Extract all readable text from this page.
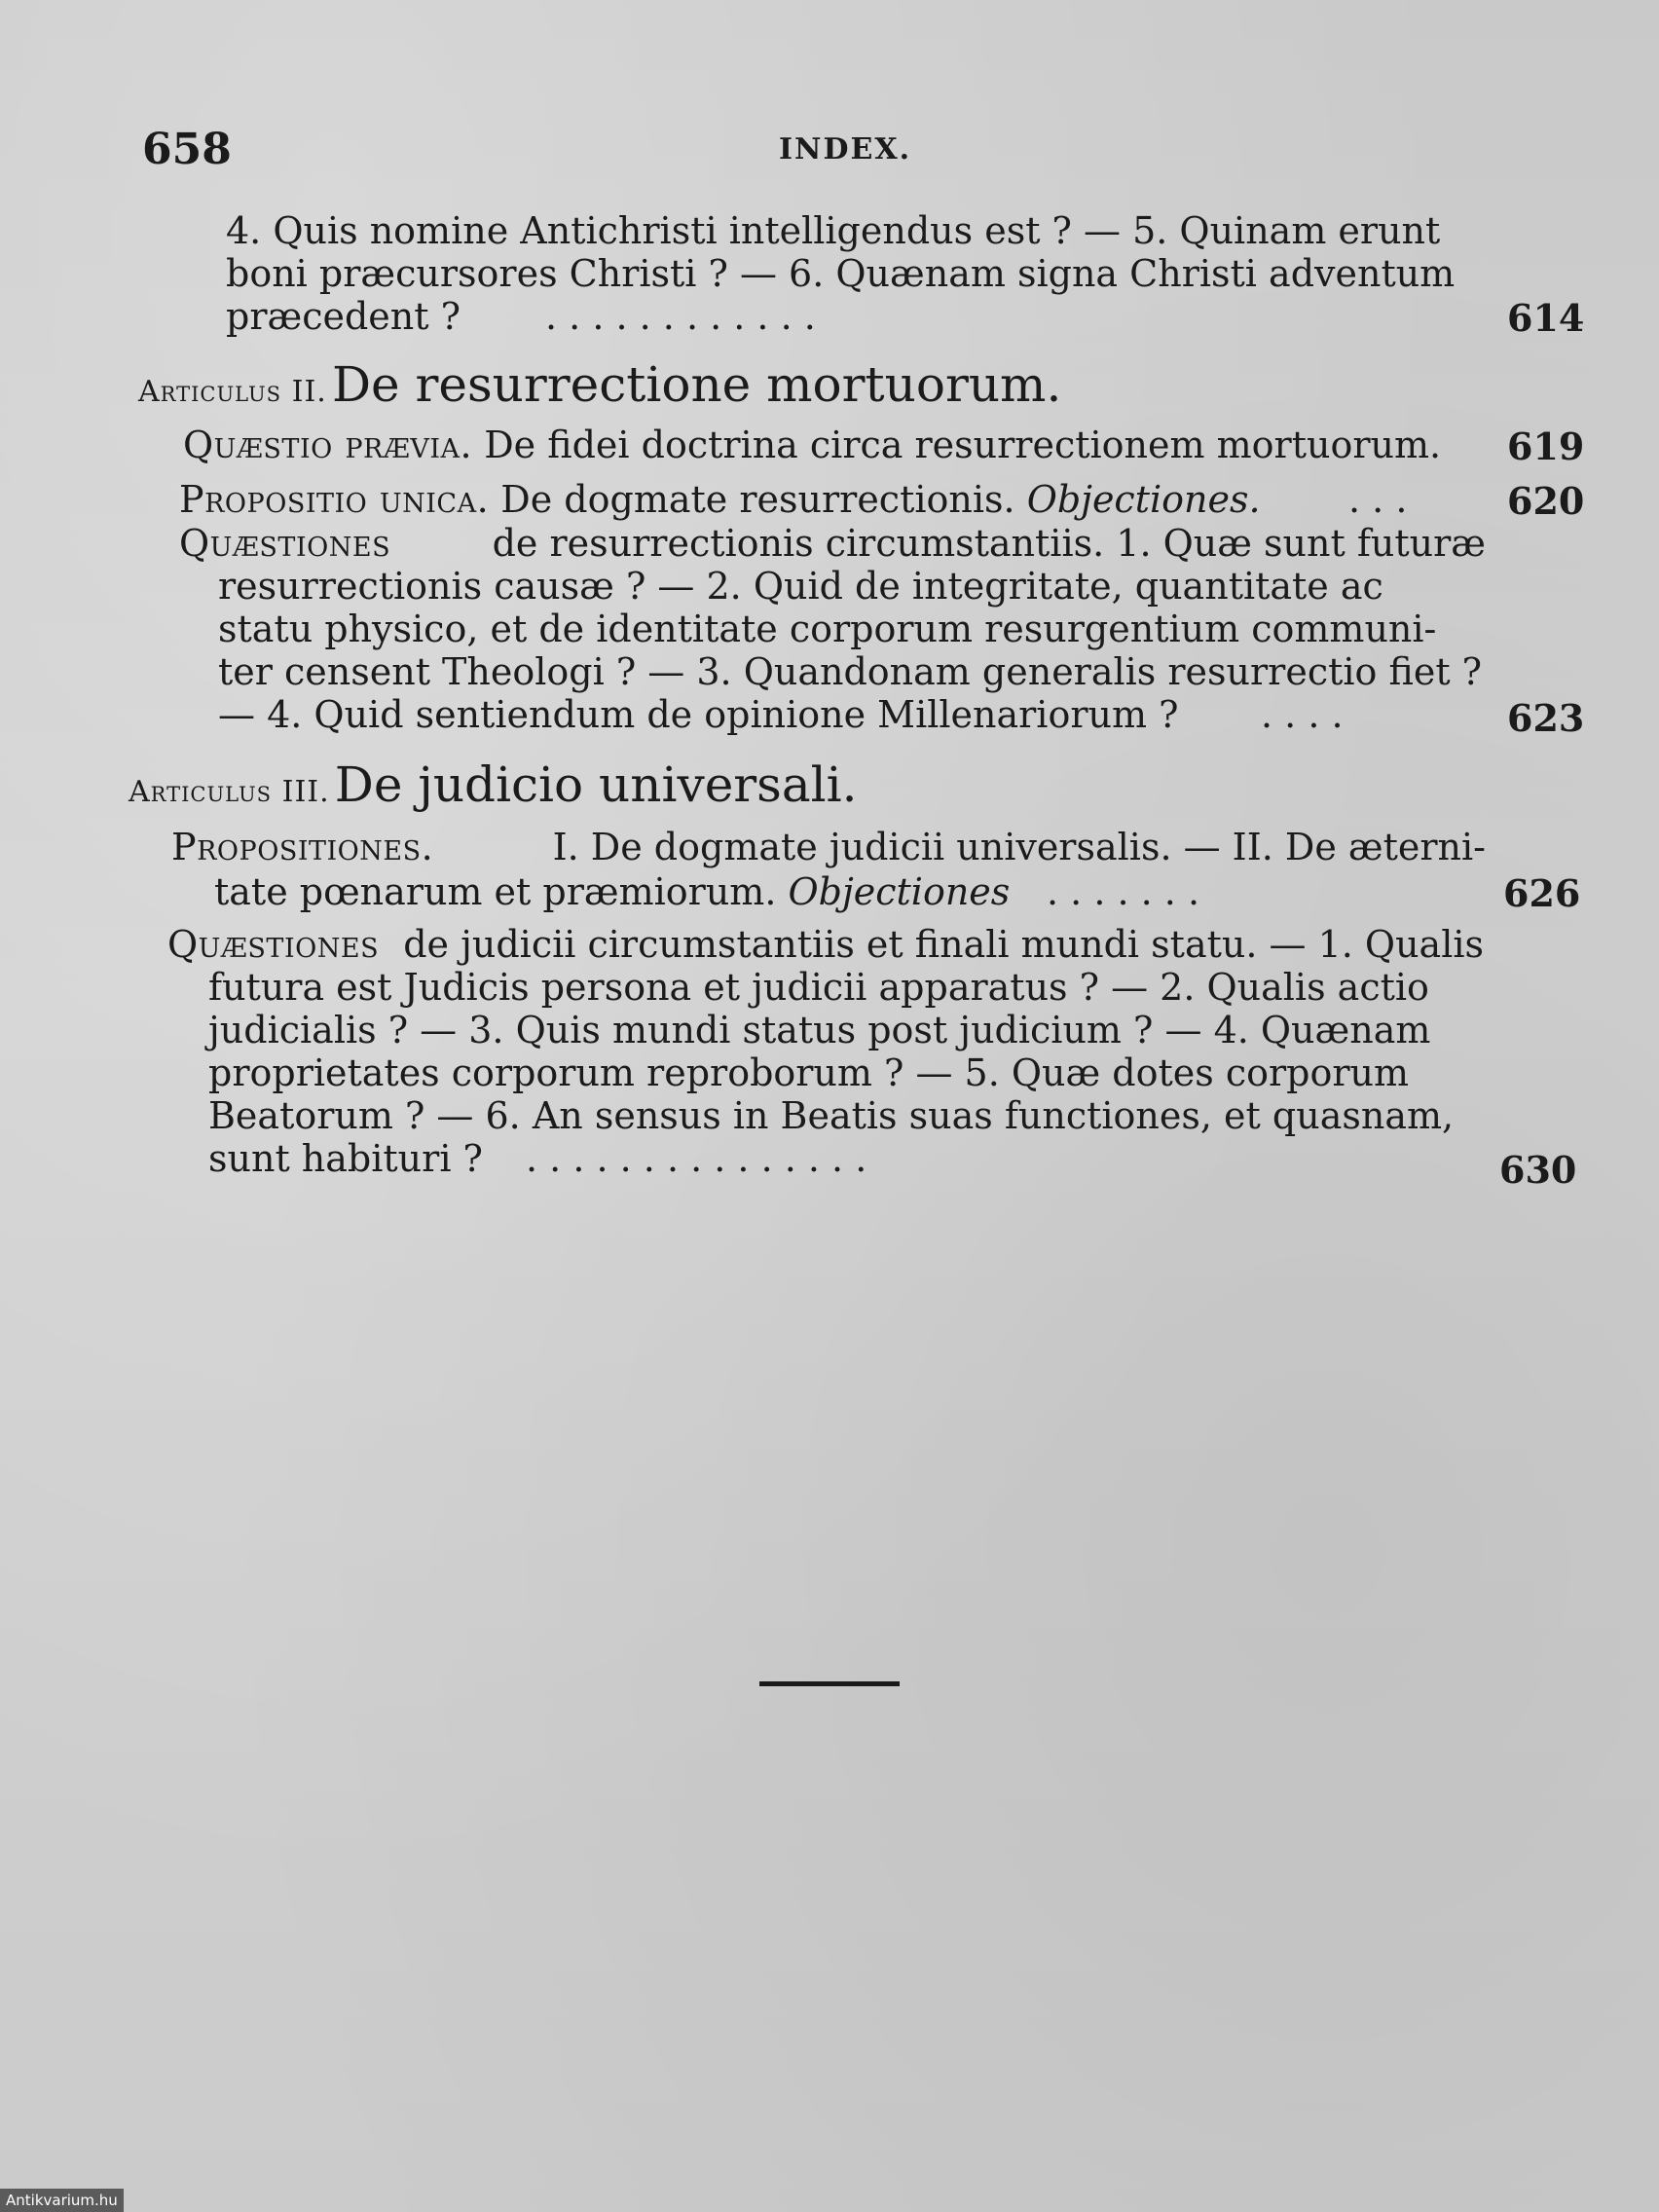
658	INDEX.
4. Quis nomine Antichristi intelligendus est ? — 5. Quinam erunt
boni præcursores Christi ? — 6. Quænam signa Christi adventum
præcedent ? . . . . . . . . . . . .	614
Articulus II. De resurrectione mortuorum.
Quæstio prævia. De fidei doctrina circa resurrectionem mortuorum. 619
Propositio unica. De dogmate resurrectionis. Objectiones. . . .	620
Quæstiones	de resurrectionis circumstantiis. 1. Quæ sunt futuræ
resurrectionis causæ ? — 2. Quid de integritate, quantitate ac
statu physico, et de identitate corporum resurgentium communi-
ter censent Theologi ? — 3. Quandonam generalis resurrectio fiet ?
— 4. Quid sentiendum de opinione Millenariorum ? . . . .	623
Articulus III. De judicio universali.
Propositiones.	I. De dogmate judicii universalis. — II. De æterni-
tate pœnarum et præmiorum. Objectiones . . . . . . .	626
Quæstiones de judicii circumstantiis et finali mundi statu. — 1. Qualis
futura est Judicis persona et judicii apparatus ? — 2. Qualis actio
judicialis ? — 3. Quis mundi status post judicium ? — 4. Quænam
proprietates corporum reproborum ? — 5. Quæ dotes corporum
Beatorum ? — 6. An sensus in Beatis suas functiones, et quasnam,
sunt habituri ? . . . . . . . . . . . . . . .	630
Antikvarium.hu
